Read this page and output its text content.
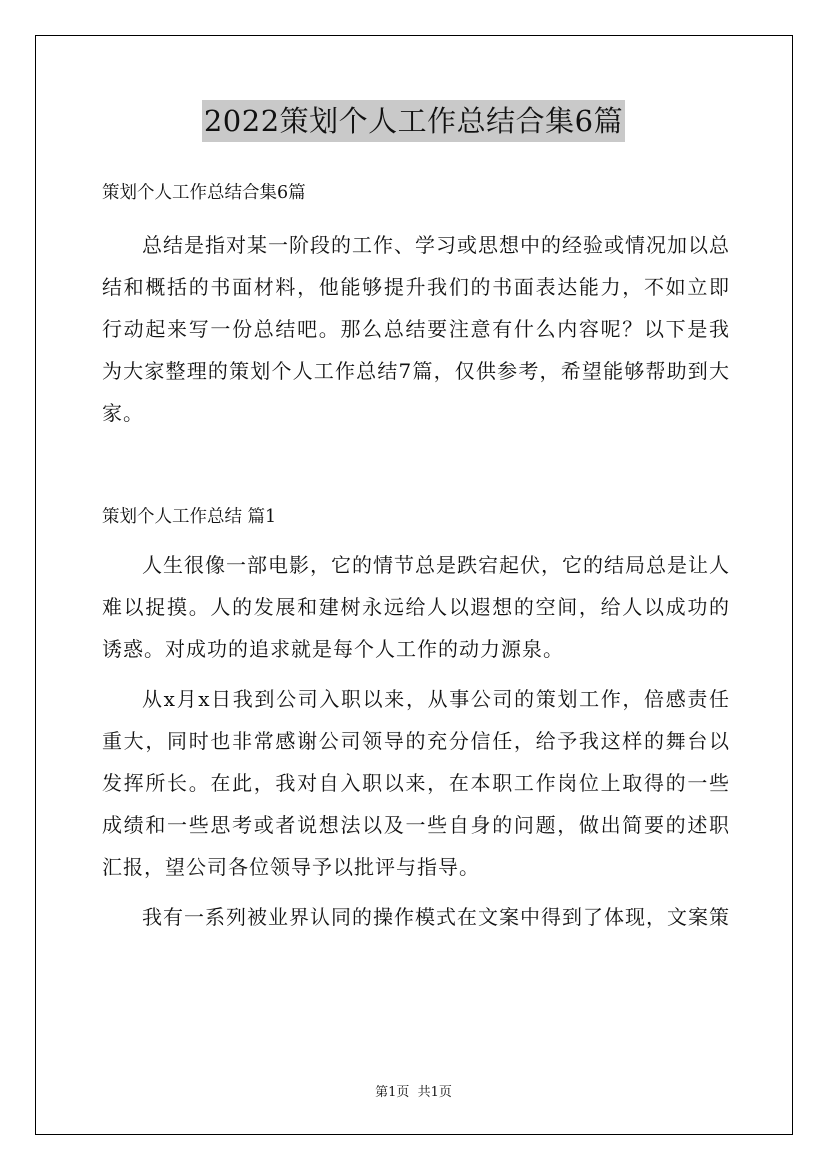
2022策划个人工作总结合集6篇

策划个人工作总结合集6篇

总结是指对某一阶段的工作、学习或思想中的经验或情况加以总结和概括的书面材料，他能够提升我们的书面表达能力，不如立即行动起来写一份总结吧。那么总结要注意有什么内容呢？以下是我为大家整理的策划个人工作总结7篇，仅供参考，希望能够帮助到大家。

策划个人工作总结 篇1

人生很像一部电影，它的情节总是跌宕起伏，它的结局总是让人难以捉摸。人的发展和建树永远给人以遐想的空间，给人以成功的诱惑。对成功的追求就是每个人工作的动力源泉。

从x月x日我到公司入职以来，从事公司的策划工作，倍感责任重大，同时也非常感谢公司领导的充分信任，给予我这样的舞台以发挥所长。在此，我对自入职以来，在本职工作岗位上取得的一些成绩和一些思考或者说想法以及一些自身的问题，做出简要的述职汇报，望公司各位领导予以批评与指导。

我有一系列被业界认同的操作模式在文案中得到了体现，文案策

第1页  共1页
